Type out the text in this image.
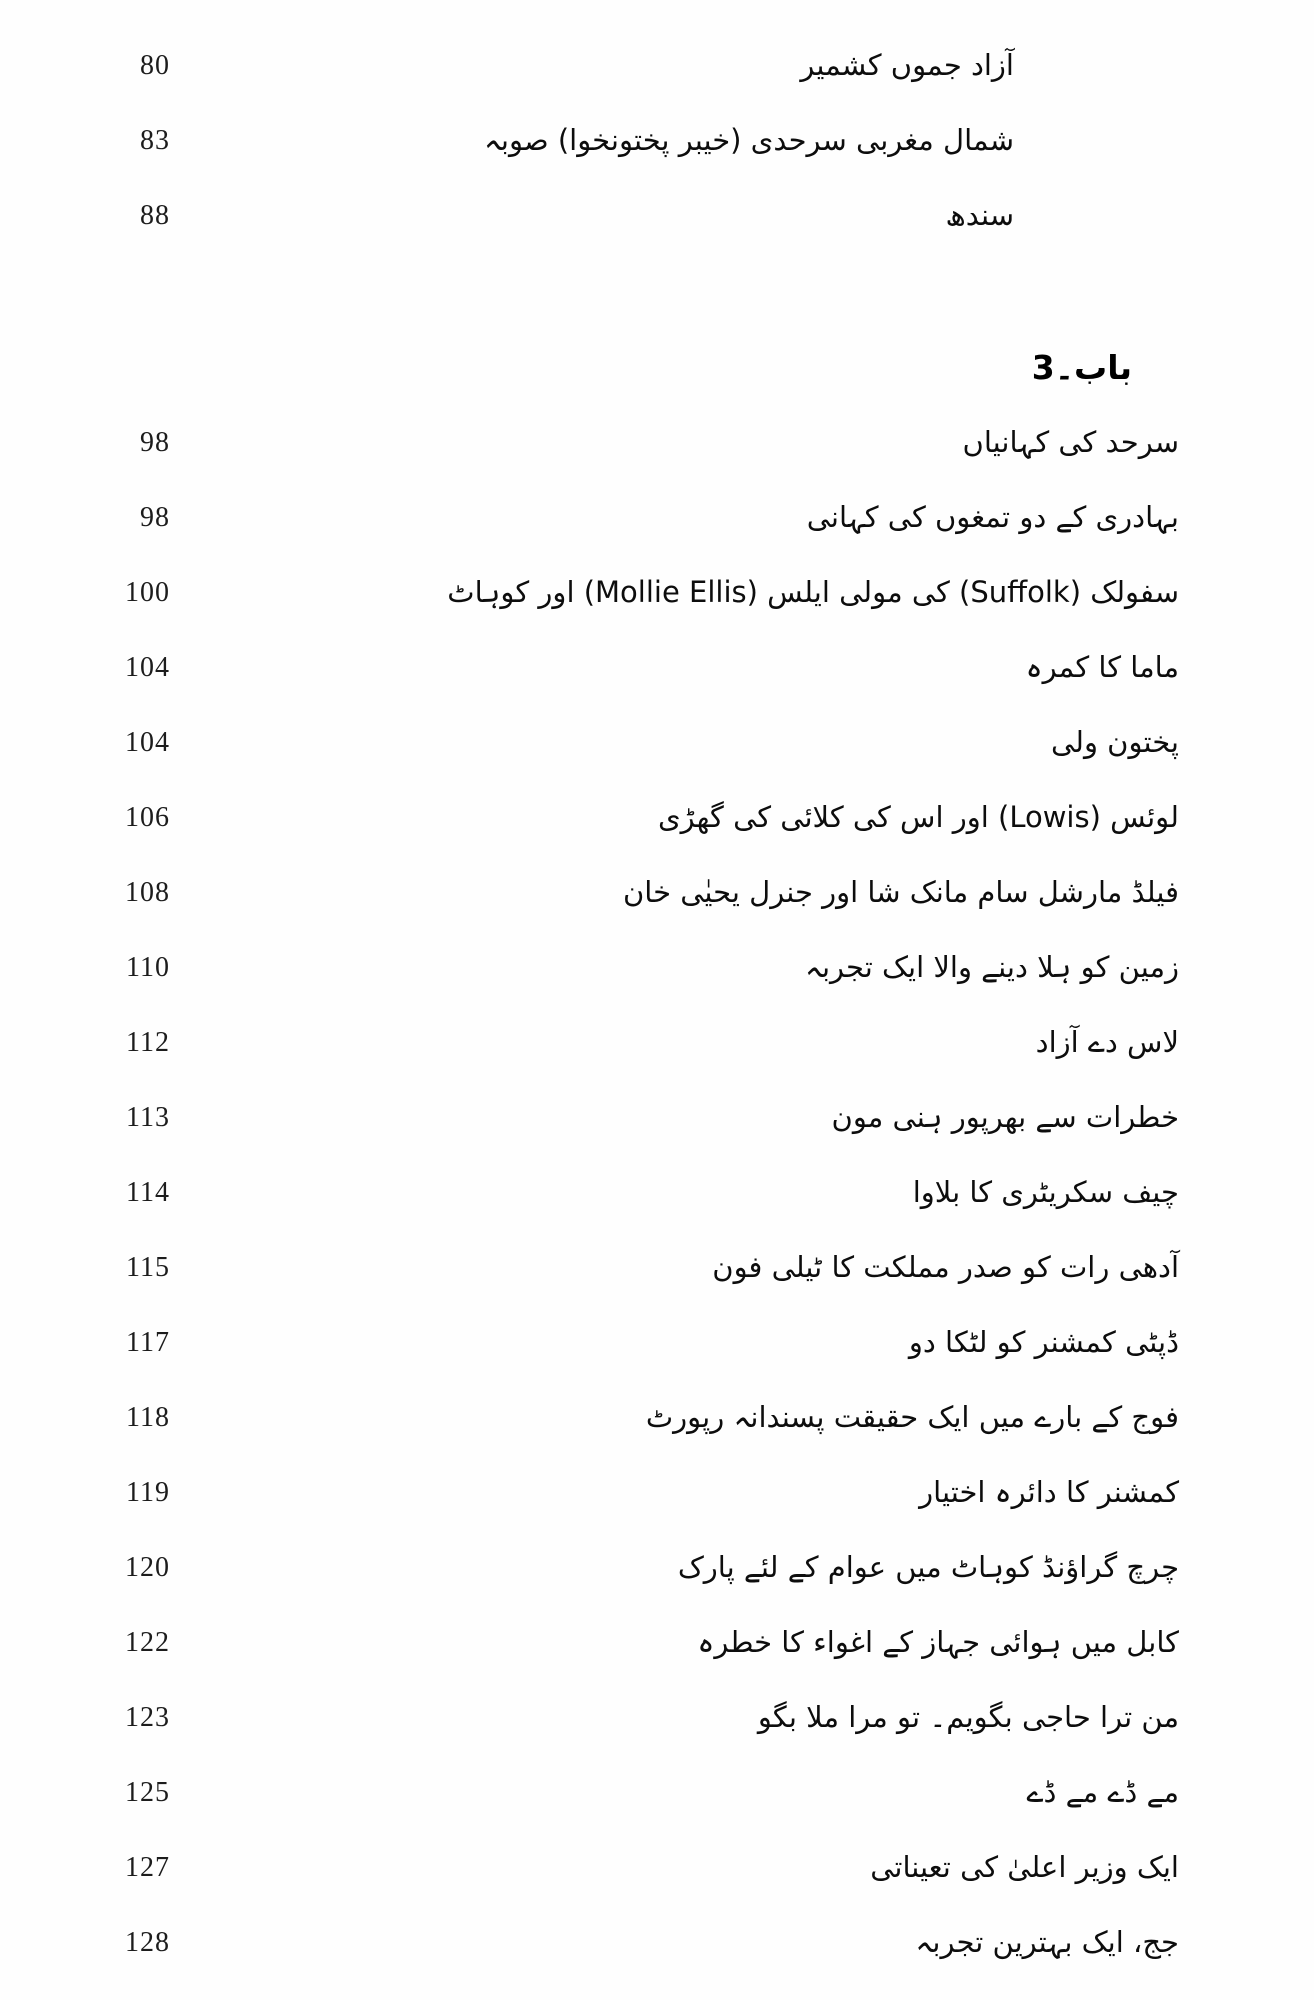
80	آزاد جموں کشمیر
83	شمال مغربی سرحدی (خیبر پختونخوا) صوبہ
88	سندھ
باب۔3
98	سرحد کی کہانیاں
98	بہادری کے دو تمغوں کی کہانی
100	سفولک (Suffolk) کی مولی ایلس (Mollie Ellis) اور کوہاٹ
104	ماما کا کمرہ
104	پختون ولی
106	لوئس (Lowis) اور اس کی کلائی کی گھڑی
108	فیلڈ مارشل سام مانک شا اور جنرل یحیٰی خان
110	زمین کو ہلا دینے والا ایک تجربہ
112	لاس دے آزاد
113	خطرات سے بھرپور ہنی مون
114	چیف سکریٹری کا بلاوا
115	آدھی رات کو صدر مملکت کا ٹیلی فون
117	ڈپٹی کمشنر کو لٹکا دو
118	فوج کے بارے میں ایک حقیقت پسندانہ رپورٹ
119	کمشنر کا دائرہ اختیار
120	چرچ گراؤنڈ کوہاٹ میں عوام کے لئے پارک
122	کابل میں ہوائی جہاز کے اغواء کا خطرہ
123	من ترا حاجی بگویم۔ تو مرا ملا بگو
125	مے ڈے مے ڈے
127	ایک وزیر اعلیٰ کی تعیناتی
128	جج، ایک بہترین تجربہ
